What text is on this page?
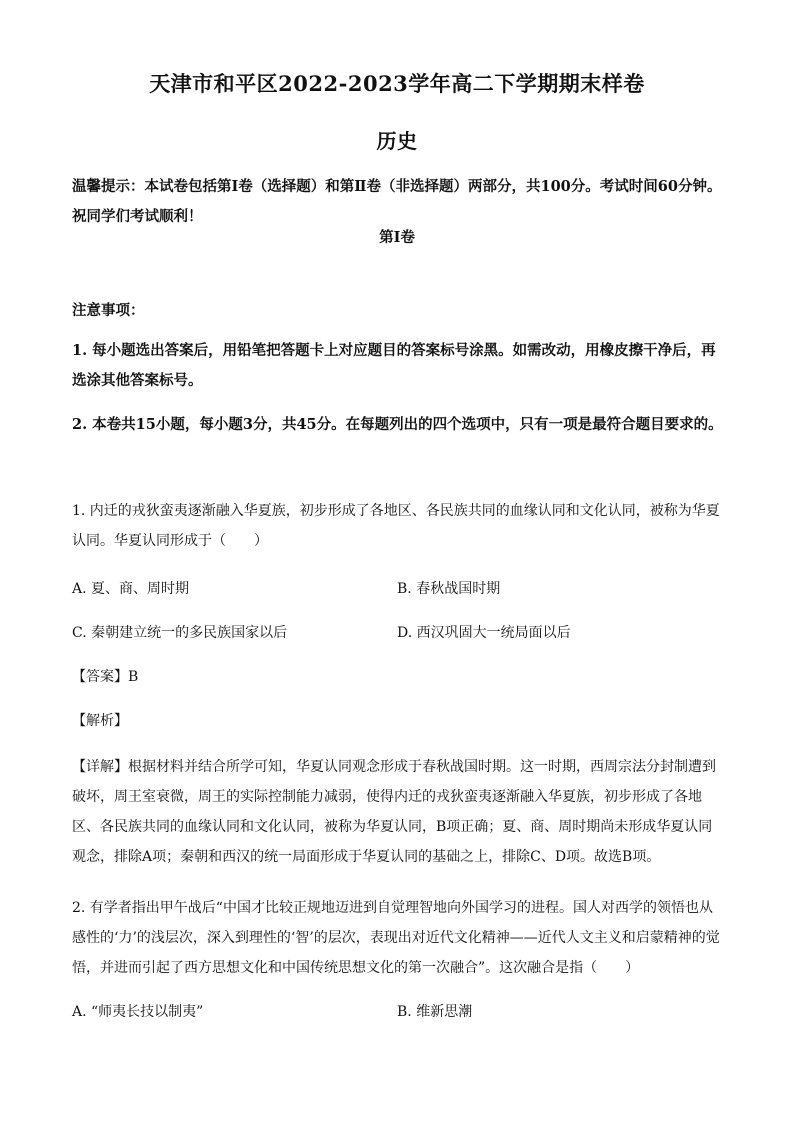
天津市和平区2022-2023学年高二下学期期末样卷
历史
温馨提示：本试卷包括第Ⅰ卷（选择题）和第Ⅱ卷（非选择题）两部分，共100分。考试时间60分钟。祝同学们考试顺利！
第Ⅰ卷
注意事项：
1. 每小题选出答案后，用铅笔把答题卡上对应题目的答案标号涂黑。如需改动，用橡皮擦干净后，再选涂其他答案标号。
2. 本卷共15小题，每小题3分，共45分。在每题列出的四个选项中，只有一项是最符合题目要求的。
1. 内迁的戎狄蛮夷逐渐融入华夏族，初步形成了各地区、各民族共同的血缘认同和文化认同，被称为华夏认同。华夏认同形成于（　　）
A. 夏、商、周时期	B. 春秋战国时期
C. 秦朝建立统一的多民族国家以后	D. 西汉巩固大一统局面以后
【答案】B
【解析】
【详解】根据材料并结合所学可知，华夏认同观念形成于春秋战国时期。这一时期，西周宗法分封制遭到破坏，周王室衰微，周王的实际控制能力减弱，使得内迁的戎狄蛮夷逐渐融入华夏族，初步形成了各地区、各民族共同的血缘认同和文化认同，被称为华夏认同，B项正确；夏、商、周时期尚未形成华夏认同观念，排除A项；秦朝和西汉的统一局面形成于华夏认同的基础之上，排除C、D项。故选B项。
2. 有学者指出甲午战后“中国才比较正规地迈进到自觉理智地向外国学习的进程。国人对西学的领悟也从感性的‘力’的浅层次，深入到理性的‘智’的层次，表现出对近代文化精神——近代人文主义和启蒙精神的觉悟，并进而引起了西方思想文化和中国传统思想文化的第一次融合”。这次融合是指（　　）
A. “师夷长技以制夷”	B. 维新思潮
